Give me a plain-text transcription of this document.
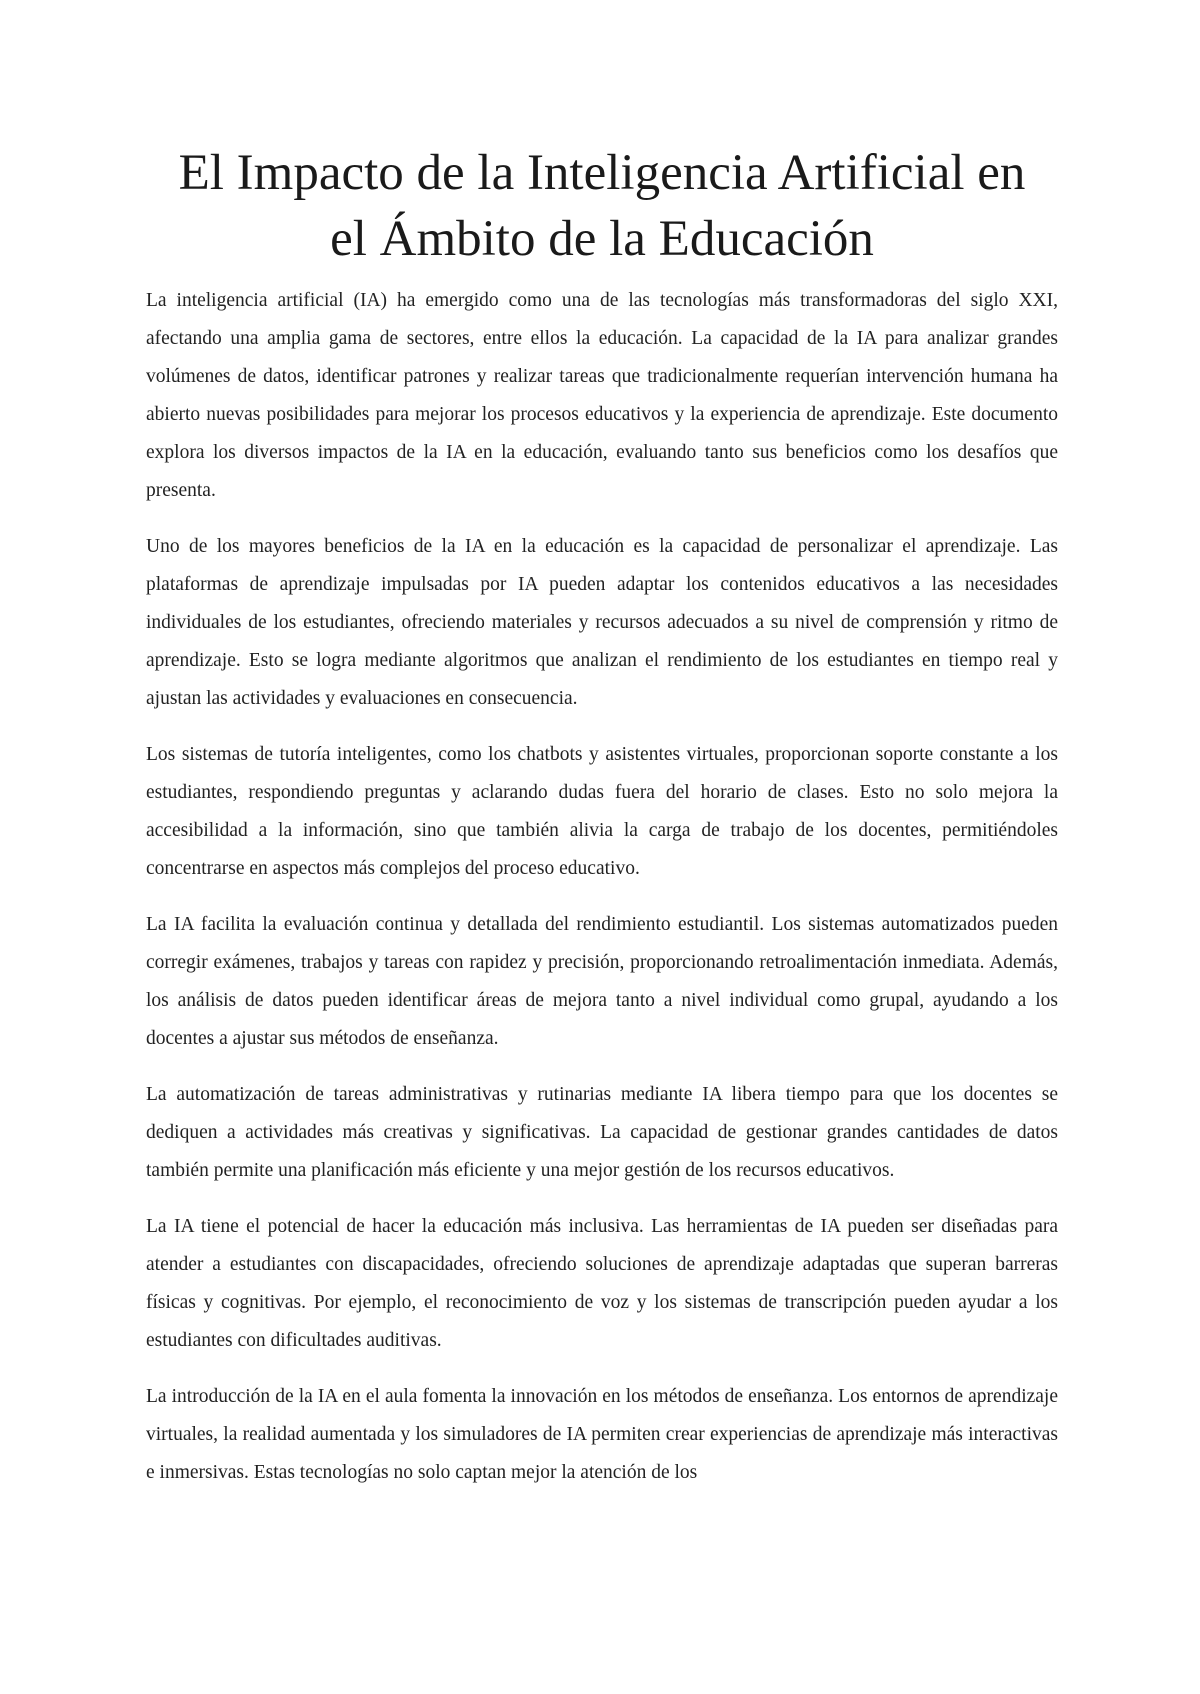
El Impacto de la Inteligencia Artificial en
el Ámbito de la Educación

La inteligencia artificial (IA) ha emergido como una de las tecnologías más transformadoras del siglo XXI, afectando una amplia gama de sectores, entre ellos la educación. La capacidad de la IA para analizar grandes volúmenes de datos, identificar patrones y realizar tareas que tradicionalmente requerían intervención humana ha abierto nuevas posibilidades para mejorar los procesos educativos y la experiencia de aprendizaje. Este documento explora los diversos impactos de la IA en la educación, evaluando tanto sus beneficios como los desafíos que presenta.

Uno de los mayores beneficios de la IA en la educación es la capacidad de personalizar el aprendizaje. Las plataformas de aprendizaje impulsadas por IA pueden adaptar los contenidos educativos a las necesidades individuales de los estudiantes, ofreciendo materiales y recursos adecuados a su nivel de comprensión y ritmo de aprendizaje. Esto se logra mediante algoritmos que analizan el rendimiento de los estudiantes en tiempo real y ajustan las actividades y evaluaciones en consecuencia.

Los sistemas de tutoría inteligentes, como los chatbots y asistentes virtuales, proporcionan soporte constante a los estudiantes, respondiendo preguntas y aclarando dudas fuera del horario de clases. Esto no solo mejora la accesibilidad a la información, sino que también alivia la carga de trabajo de los docentes, permitiéndoles concentrarse en aspectos más complejos del proceso educativo.

La IA facilita la evaluación continua y detallada del rendimiento estudiantil. Los sistemas automatizados pueden corregir exámenes, trabajos y tareas con rapidez y precisión, proporcionando retroalimentación inmediata. Además, los análisis de datos pueden identificar áreas de mejora tanto a nivel individual como grupal, ayudando a los docentes a ajustar sus métodos de enseñanza.

La automatización de tareas administrativas y rutinarias mediante IA libera tiempo para que los docentes se dediquen a actividades más creativas y significativas. La capacidad de gestionar grandes cantidades de datos también permite una planificación más eficiente y una mejor gestión de los recursos educativos.

La IA tiene el potencial de hacer la educación más inclusiva. Las herramientas de IA pueden ser diseñadas para atender a estudiantes con discapacidades, ofreciendo soluciones de aprendizaje adaptadas que superan barreras físicas y cognitivas. Por ejemplo, el reconocimiento de voz y los sistemas de transcripción pueden ayudar a los estudiantes con dificultades auditivas.

La introducción de la IA en el aula fomenta la innovación en los métodos de enseñanza. Los entornos de aprendizaje virtuales, la realidad aumentada y los simuladores de IA permiten crear experiencias de aprendizaje más interactivas e inmersivas. Estas tecnologías no solo captan mejor la atención de los
